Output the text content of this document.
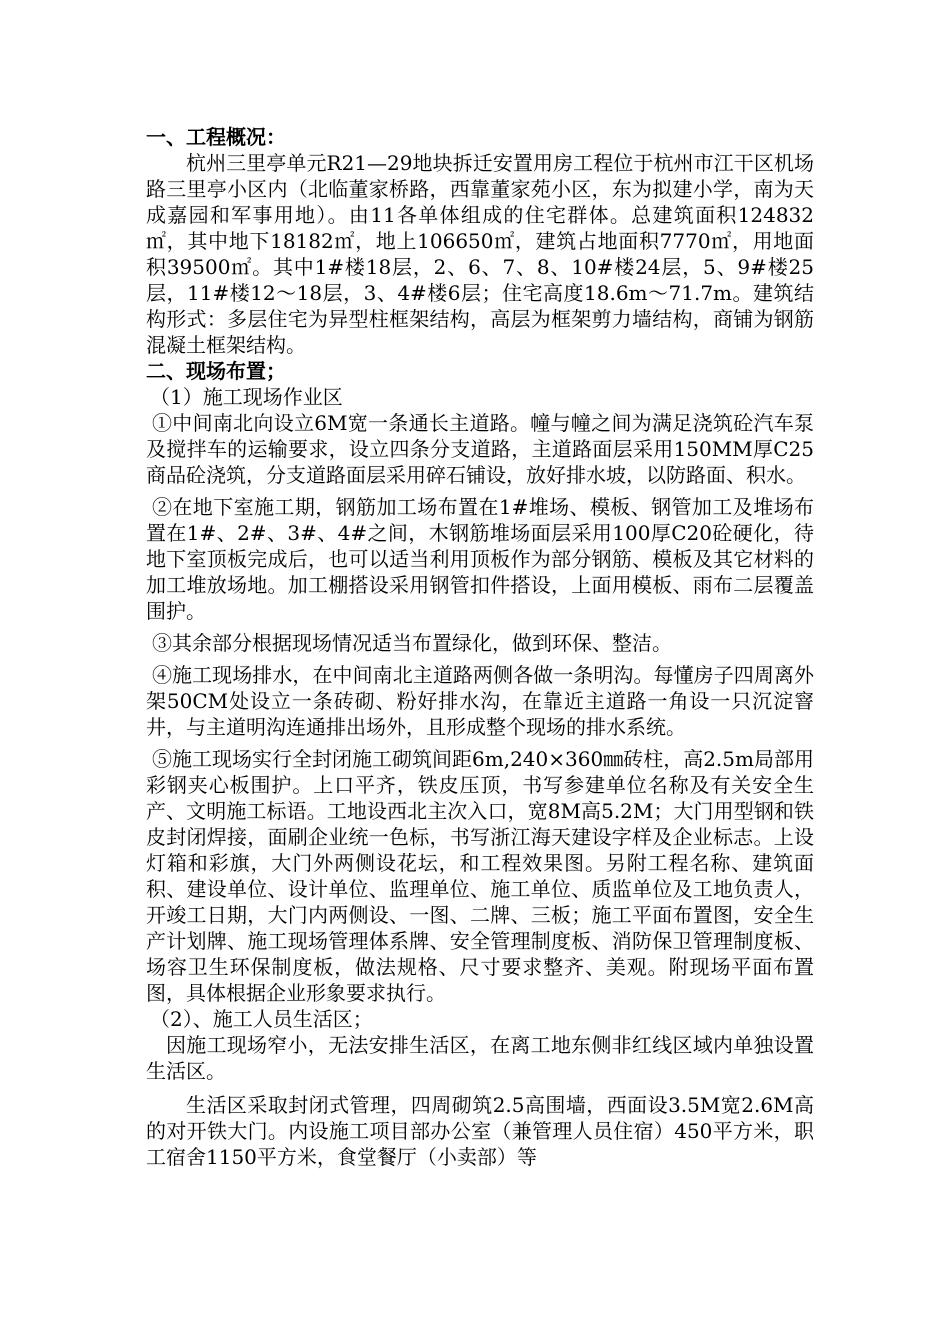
一、工程概况：

杭州三里亭单元R21—29地块拆迁安置用房工程位于杭州市江干区机场路三里亭小区内（北临董家桥路，西靠董家苑小区，东为拟建小学，南为天成嘉园和军事用地）。由11各单体组成的住宅群体。总建筑面积124832㎡，其中地下18182㎡，地上106650㎡，建筑占地面积7770㎡，用地面积39500㎡。其中1#楼18层，2、6、7、8、10#楼24层，5、9#楼25层，11#楼12～18层，3、4#楼6层；住宅高度18.6m～71.7m。建筑结构形式：多层住宅为异型柱框架结构，高层为框架剪力墙结构，商铺为钢筋混凝土框架结构。

二、现场布置；

（1）施工现场作业区

①中间南北向设立6M宽一条通长主道路。幢与幢之间为满足浇筑砼汽车泵及搅拌车的运输要求，设立四条分支道路，主道路面层采用150MM厚C25商品砼浇筑，分支道路面层采用碎石铺设，放好排水坡，以防路面、积水。

②在地下室施工期，钢筋加工场布置在1#堆场、模板、钢管加工及堆场布置在1#、2#、3#、4#之间，木钢筋堆场面层采用100厚C20砼硬化，待地下室顶板完成后，也可以适当利用顶板作为部分钢筋、模板及其它材料的加工堆放场地。加工棚搭设采用钢管扣件搭设，上面用模板、雨布二层覆盖围护。

③其余部分根据现场情况适当布置绿化，做到环保、整洁。

④施工现场排水，在中间南北主道路两侧各做一条明沟。每懂房子四周离外架50CM处设立一条砖砌、粉好排水沟，在靠近主道路一角设一只沉淀窨井，与主道明沟连通排出场外，且形成整个现场的排水系统。

⑤施工现场实行全封闭施工砌筑间距6m,240×360㎜砖柱，高2.5m局部用彩钢夹心板围护。上口平齐，铁皮压顶，书写参建单位名称及有关安全生产、文明施工标语。工地设西北主次入口，宽8M高5.2M；大门用型钢和铁皮封闭焊接，面刷企业统一色标，书写浙江海天建设字样及企业标志。上设灯箱和彩旗，大门外两侧设花坛，和工程效果图。另附工程名称、建筑面积、建设单位、设计单位、监理单位、施工单位、质监单位及工地负责人，开竣工日期，大门内两侧设、一图、二牌、三板；施工平面布置图，安全生产计划牌、施工现场管理体系牌、安全管理制度板、消防保卫管理制度板、场容卫生环保制度板，做法规格、尺寸要求整齐、美观。附现场平面布置图，具体根据企业形象要求执行。

（2）、施工人员生活区；

因施工现场窄小，无法安排生活区，在离工地东侧非红线区域内单独设置生活区。

生活区采取封闭式管理，四周砌筑2.5高围墙，西面设3.5M宽2.6M高的对开铁大门。内设施工项目部办公室（兼管理人员住宿）450平方米，职工宿舍1150平方米，食堂餐厅（小卖部）等
